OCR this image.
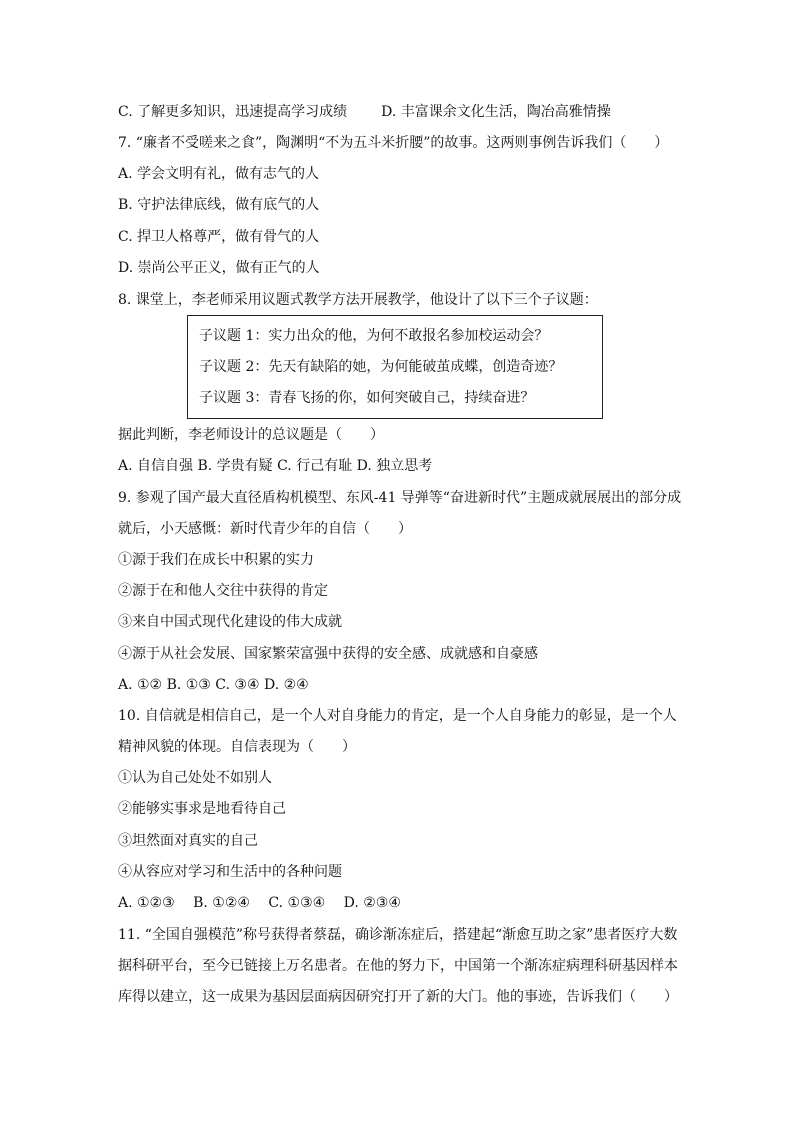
C. 了解更多知识，迅速提高学习成绩 D. 丰富课余文化生活，陶冶高雅情操
7. “廉者不受嗟来之食”，陶渊明“不为五斗米折腰”的故事。这两则事例告诉我们（　　）
A. 学会文明有礼，做有志气的人
B. 守护法律底线，做有底气的人
C. 捍卫人格尊严，做有骨气的人
D. 崇尚公平正义，做有正气的人
8. 课堂上，李老师采用议题式教学方法开展教学，他设计了以下三个子议题：
子议题 1：实力出众的他，为何不敢报名参加校运动会？
子议题 2：先天有缺陷的她，为何能破茧成蝶，创造奇迹？
子议题 3：青春飞扬的你，如何突破自己，持续奋进？
据此判断，李老师设计的总议题是（　　）
A. 自信自强 B. 学贵有疑 C. 行己有耻 D. 独立思考
9. 参观了国产最大直径盾构机模型、东风-41 导弹等“奋进新时代”主题成就展展出的部分成
就后，小天感慨：新时代青少年的自信（　　）
①源于我们在成长中积累的实力
②源于在和他人交往中获得的肯定
③来自中国式现代化建设的伟大成就
④源于从社会发展、国家繁荣富强中获得的安全感、成就感和自豪感
A. ①② B. ①③ C. ③④ D. ②④
10. 自信就是相信自己，是一个人对自身能力的肯定，是一个人自身能力的彰显，是一个人
精神风貌的体现。自信表现为（　　）
①认为自己处处不如别人
②能够实事求是地看待自己
③坦然面对真实的自己
④从容应对学习和生活中的各种问题
A. ①②③　 B. ①②④　 C. ①③④　 D. ②③④
11. “全国自强模范”称号获得者蔡磊，确诊渐冻症后，搭建起“渐愈互助之家”患者医疗大数
据科研平台，至今已链接上万名患者。在他的努力下，中国第一个渐冻症病理科研基因样本
库得以建立，这一成果为基因层面病因研究打开了新的大门。他的事迹，告诉我们（　　）
